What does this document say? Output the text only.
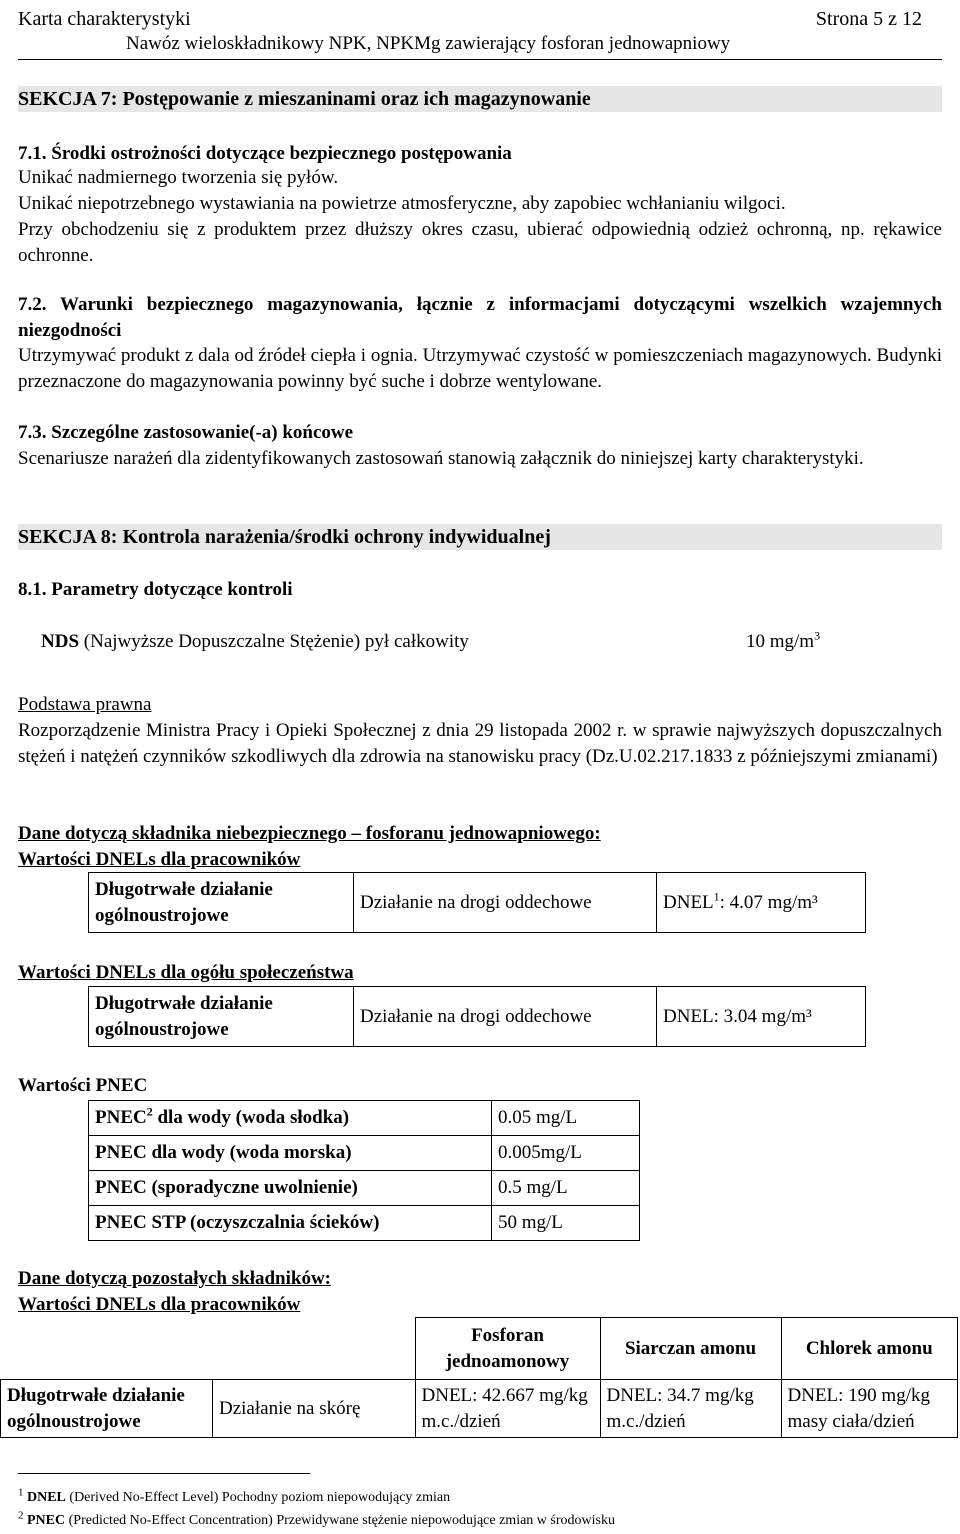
Karta charakterystyki	Strona 5 z 12
Nawóz wieloskładnikowy NPK, NPKMg zawierający fosforan jednowapniowy
SEKCJA 7: Postępowanie z mieszaninami oraz ich magazynowanie
7.1. Środki ostrożności dotyczące bezpiecznego postępowania
Unikać nadmiernego tworzenia się pyłów.
Unikać niepotrzebnego wystawiania na powietrze atmosferyczne, aby zapobiec wchłanianiu wilgoci.
Przy obchodzeniu się z produktem przez dłuższy okres czasu, ubierać odpowiednią odzież ochronną, np. rękawice ochronne.
7.2. Warunki bezpiecznego magazynowania, łącznie z informacjami dotyczącymi wszelkich wzajemnych niezgodności
Utrzymywać produkt z dala od źródeł ciepła i ognia. Utrzymywać czystość w pomieszczeniach magazynowych. Budynki przeznaczone do magazynowania powinny być suche i dobrze wentylowane.
7.3. Szczególne zastosowanie(-a) końcowe
Scenariusze narażeń dla zidentyfikowanych zastosowań stanowią załącznik do niniejszej karty charakterystyki.
SEKCJA 8: Kontrola narażenia/środki ochrony indywidualnej
8.1. Parametry dotyczące kontroli
NDS (Najwyższe Dopuszczalne Stężenie) pył całkowity	10 $mg/m^3$
Podstawa prawna
Rozporządzenie Ministra Pracy i Opieki Społecznej z dnia 29 listopada 2002 r. w sprawie najwyższych dopuszczalnych stężeń i natężeń czynników szkodliwych dla zdrowia na stanowisku pracy (Dz.U.02.217.1833 z późniejszymi zmianami)
Dane dotyczą składnika niebezpiecznego – fosforanu jednowapniowego:
Wartości DNELs dla pracowników
Długotrwałe działanie ogólnoustrojowe	Działanie na drogi oddechowe	DNEL$^1$: 4.07 mg/m³
Wartości DNELs dla ogółu społeczeństwa
Długotrwałe działanie ogólnoustrojowe	Działanie na drogi oddechowe	DNEL: 3.04 mg/m³
Wartości PNEC
PNEC$^2$ dla wody (woda słodka)	0.05 mg/L
PNEC dla wody (woda morska)	0.005mg/L
PNEC (sporadyczne uwolnienie)	0.5 mg/L
PNEC STP (oczyszczalnia ścieków)	50 mg/L
Dane dotyczą pozostałych składników:
Wartości DNELs dla pracowników
		Fosforan jednoamonowy	Siarczan amonu	Chlorek amonu
Długotrwałe działanie ogólnoustrojowe	Działanie na skórę	DNEL: 42.667 mg/kg m.c./dzień	DNEL: 34.7 mg/kg m.c./dzień	DNEL: 190 mg/kg masy ciała/dzień
$^1$ DNEL (Derived No-Effect Level) Pochodny poziom niepowodujący zmian
$^2$ PNEC (Predicted No-Effect Concentration) Przewidywane stężenie niepowodujące zmian w środowisku
